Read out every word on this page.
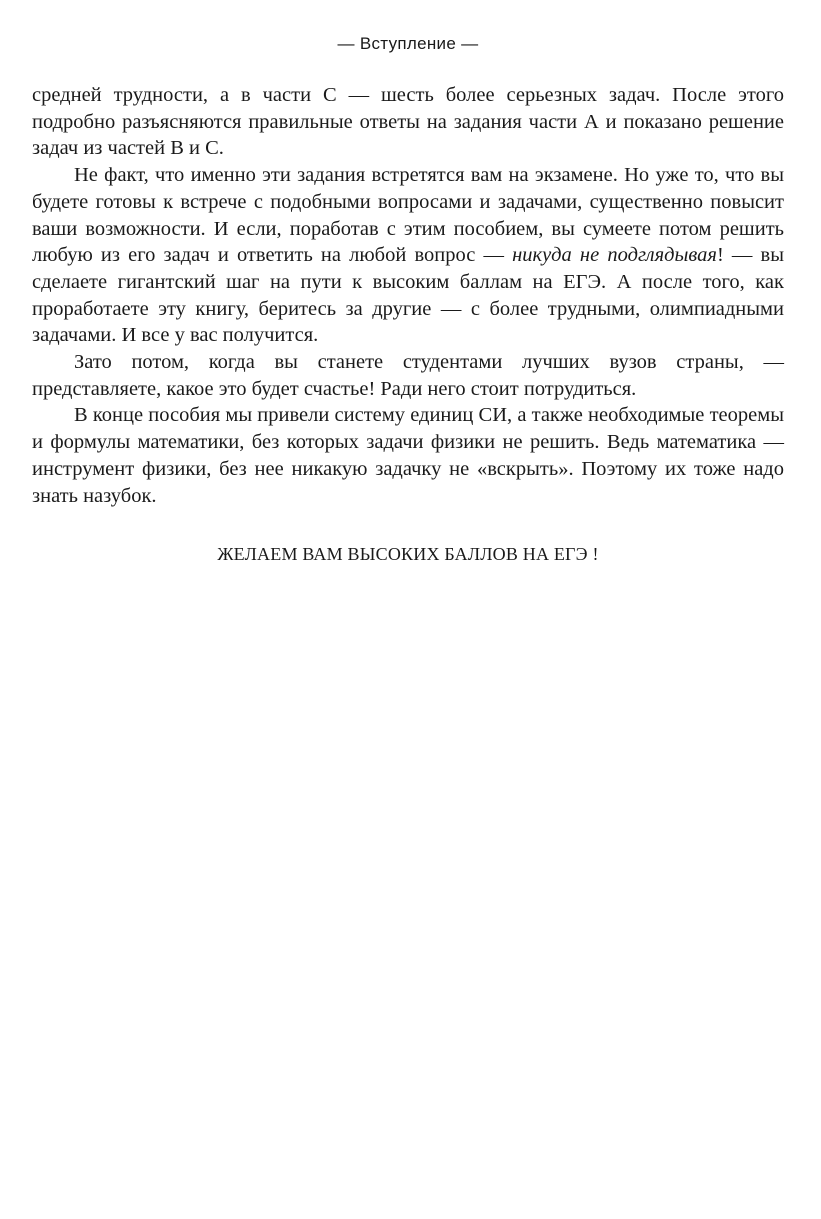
— Вступление —

средней трудности, а в части С — шесть более серьезных задач. После этого подробно разъясняются правильные ответы на задания части А и показано решение задач из частей В и С.

Не факт, что именно эти задания встретятся вам на экзамене. Но уже то, что вы будете готовы к встрече с подобными вопросами и задачами, существенно повысит ваши возможности. И если, поработав с этим пособием, вы сумеете потом решить любую из его задач и ответить на любой вопрос — никуда не подглядывая! — вы сделаете гигантский шаг на пути к высоким баллам на ЕГЭ. А после того, как проработаете эту книгу, беритесь за другие — с более трудными, олимпиадными задачами. И все у вас получится.

Зато потом, когда вы станете студентами лучших вузов страны, — представляете, какое это будет счастье! Ради него стоит потрудиться.

В конце пособия мы привели систему единиц СИ, а также необходимые теоремы и формулы математики, без которых задачи физики не решить. Ведь математика — инструмент физики, без нее никакую задачку не «вскрыть». Поэтому их тоже надо знать назубок.

ЖЕЛАЕМ ВАМ ВЫСОКИХ БАЛЛОВ НА ЕГЭ !
